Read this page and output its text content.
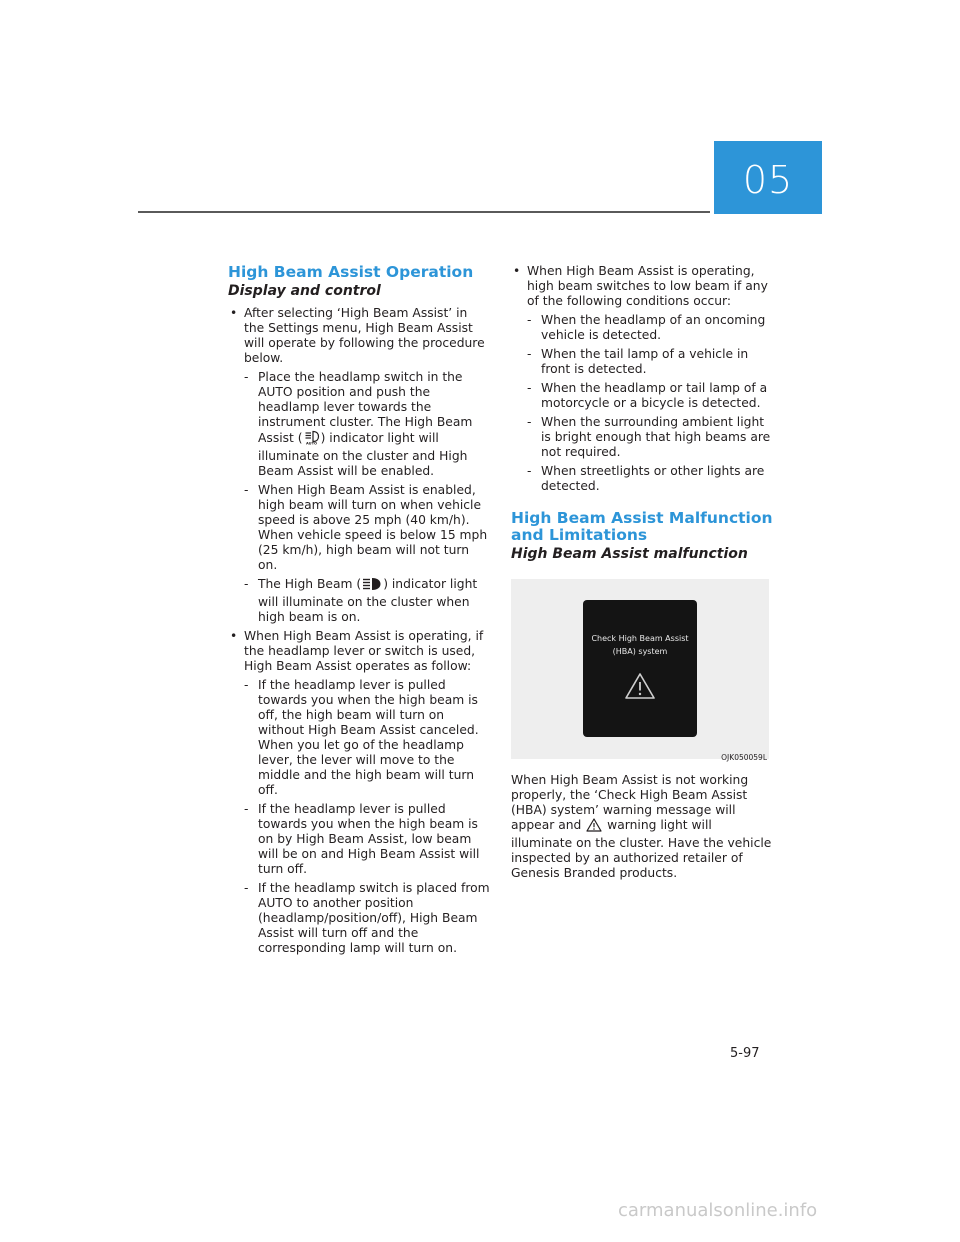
05
High Beam Assist Operation
Display and control
• After selecting ‘High Beam Assist’ in the Settings menu, High Beam Assist will operate by following the procedure below.
- Place the headlamp switch in the AUTO position and push the headlamp lever towards the instrument cluster. The High Beam Assist ( AUTO ) indicator light will illuminate on the cluster and High Beam Assist will be enabled.
- When High Beam Assist is enabled, high beam will turn on when vehicle speed is above 25 mph (40 km/h). When vehicle speed is below 15 mph (25 km/h), high beam will not turn on.
- The High Beam ( ) indicator light will illuminate on the cluster when high beam is on.
• When High Beam Assist is operating, if the headlamp lever or switch is used, High Beam Assist operates as follow:
- If the headlamp lever is pulled towards you when the high beam is off, the high beam will turn on without High Beam Assist canceled. When you let go of the headlamp lever, the lever will move to the middle and the high beam will turn off.
- If the headlamp lever is pulled towards you when the high beam is on by High Beam Assist, low beam will be on and High Beam Assist will turn off.
- If the headlamp switch is placed from AUTO to another position (headlamp/position/off), High Beam Assist will turn off and the corresponding lamp will turn on.
• When High Beam Assist is operating, high beam switches to low beam if any of the following conditions occur:
- When the headlamp of an oncoming vehicle is detected.
- When the tail lamp of a vehicle in front is detected.
- When the headlamp or tail lamp of a motorcycle or a bicycle is detected.
- When the surrounding ambient light is bright enough that high beams are not required.
- When streetlights or other lights are detected.
High Beam Assist Malfunction and Limitations
High Beam Assist malfunction
Check High Beam Assist
(HBA) system
OJK050059L
When High Beam Assist is not working properly, the ‘Check High Beam Assist (HBA) system’ warning message will appear and  warning light will illuminate on the cluster. Have the vehicle inspected by an authorized retailer of Genesis Branded products.
5-97
carmanualsonline.info
